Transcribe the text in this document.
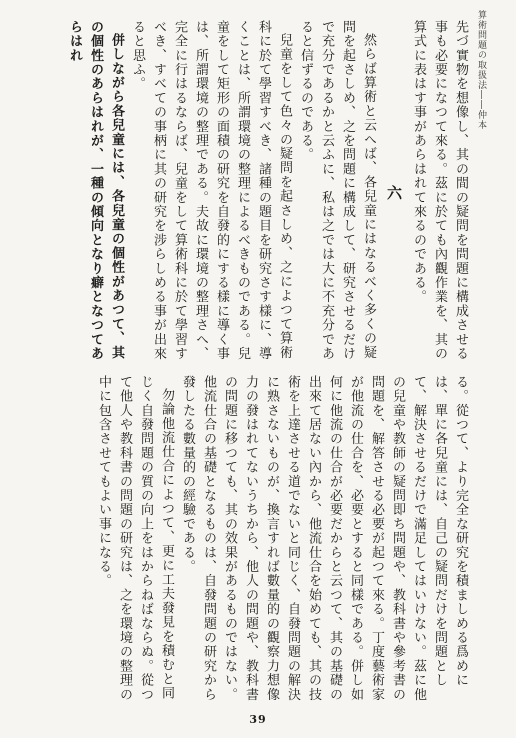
算術問題の取扱法――仲本

先づ實物を想像し、其の間の疑問を問題に構成させる事も必要になつて來る。茲に於ても內觀作業を、其の算式に表はす事があらはれて來るのである。

六

然らば算術と云へば、各兒童にはなるべく多くの疑問を起さしめ、之を問題に構成して、研究させるだけで充分であるかと云ふに、私は之では大に不充分であると信ずるのである。

兒童をして色々の疑問を起さしめ、之によつて算術科に於て學習すべき、諸種の題目を研究さす樣に、導くことは、所謂環境の整理によるべきものである。兒童をして矩形の面積の研究を自發的にする樣に導く事は、所謂環境の整理である。夫故に環境の整理さへ、完全に行はるならば、兒童をして算術科に於て學習すべき、すべての事柄に其の研究を涉らしめる事が出來ると思ふ。

併しながら各兒童には、各兒童の個性があつて、其の個性のあらはれが、一種の傾向となり癖となつてあらはれ

る。從つて、より完全な研究を積ましめる爲めには、單に各兒童には、自己の疑問だけを問題として、解決させるだけで滿足してはいけない。茲に他の兒童や教師の疑問即ち問題や、教科書や參考書の問題を、解答させる必要が起つて來る。丁度藝術家が他流の仕合を、必要とすると同樣である。併し如何に他流の仕合が必要だからと云つて、其の基礎の出來て居ない內から、他流仕合を始めても、其の技術を上達させる道でないと同じく、自發問題の解決に熟さないものが、換言すれば數量的の觀察力想像力の發はれてないうちから、他人の問題や、教科書の問題に移つても、其の效果があるものではない。他流仕合の基礎となるものは、自發問題の研究から發したる數量的の經驗である。

勿論他流仕合によつて、更に工夫發見を積むと同じく自發問題の質の向上をはからねばならぬ。從つて他人や教科書の問題の研究は、之を環境の整理の中に包含させてもよい事になる。

39
